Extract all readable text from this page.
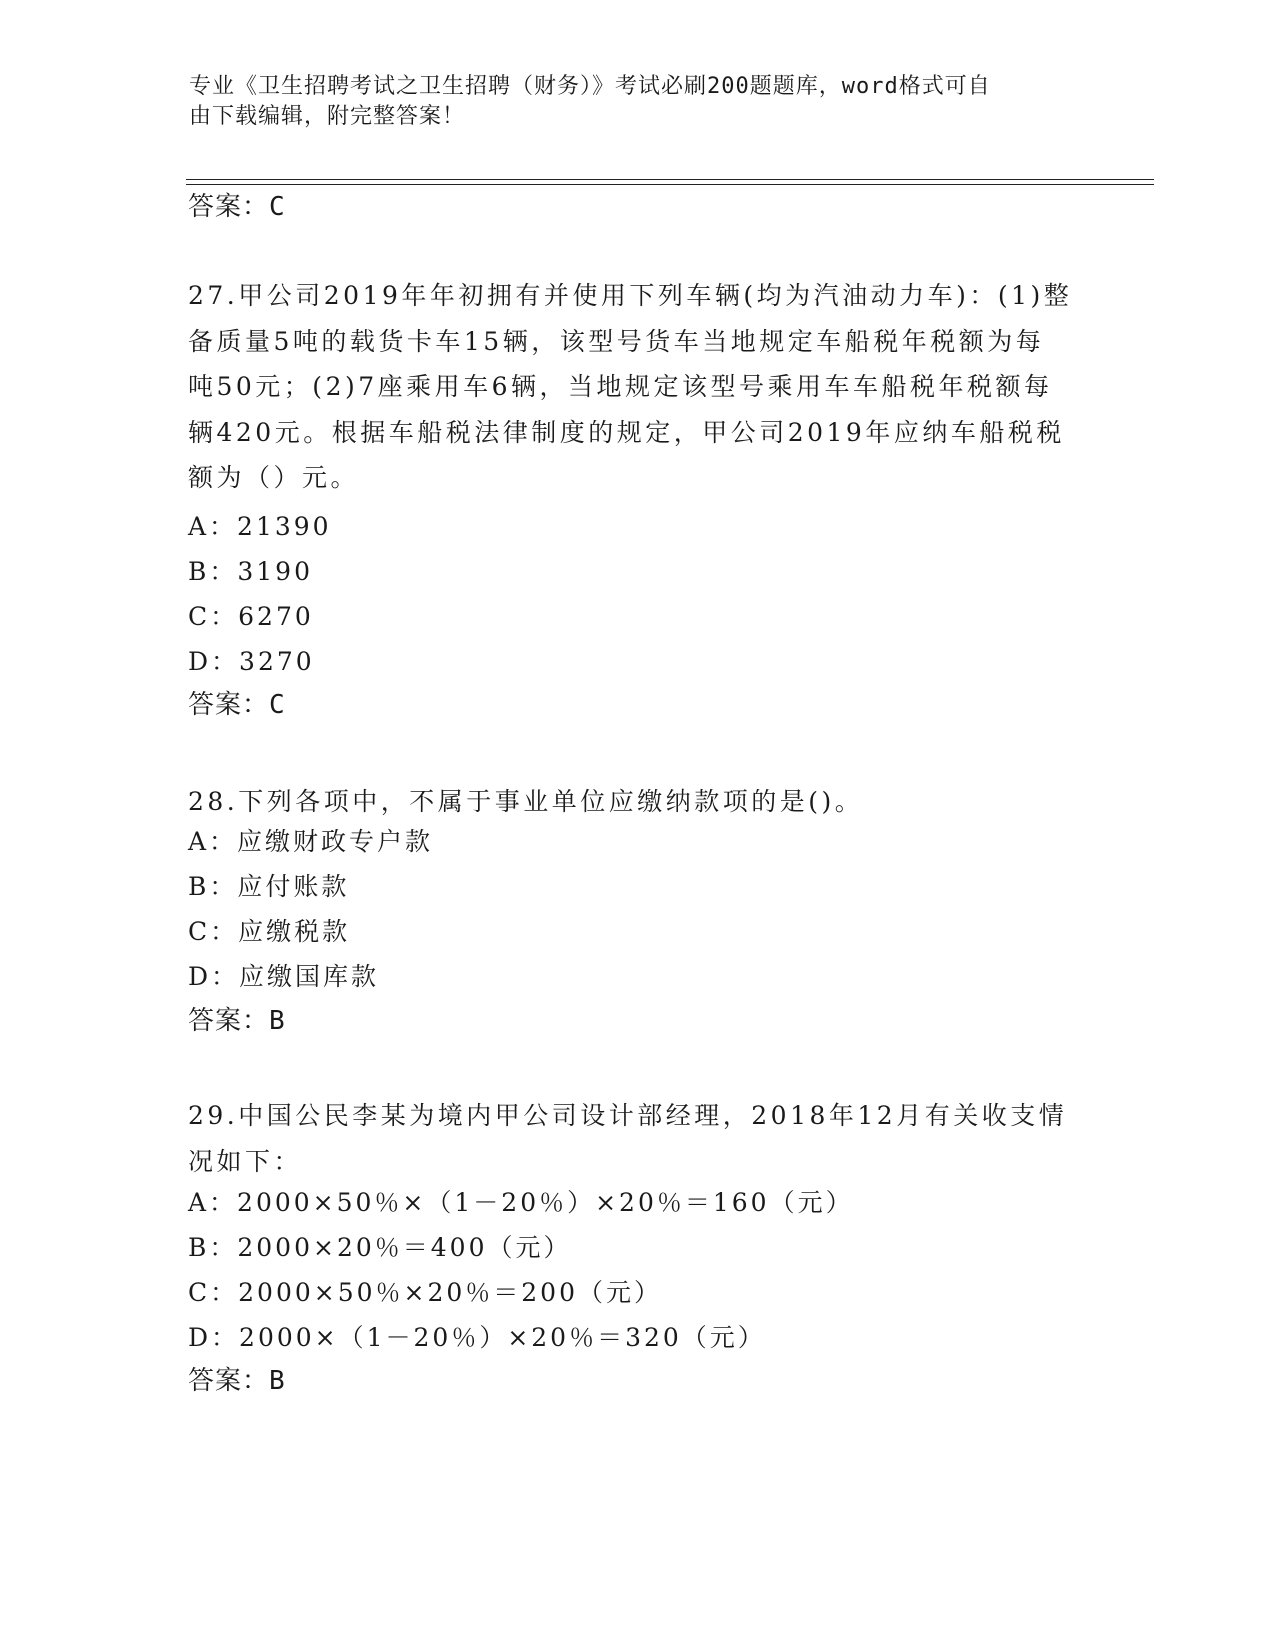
专业《卫生招聘考试之卫生招聘（财务）》考试必刷200题题库，word格式可自
由下载编辑，附完整答案！
答案：C
27.甲公司2019年年初拥有并使用下列车辆(均为汽油动力车)：(1)整
备质量5吨的载货卡车15辆，该型号货车当地规定车船税年税额为每
吨50元；(2)7座乘用车6辆，当地规定该型号乘用车车船税年税额每
辆420元。根据车船税法律制度的规定，甲公司2019年应纳车船税税
额为（）元。
A：21390
B：3190
C：6270
D：3270
答案：C
28.下列各项中，不属于事业单位应缴纳款项的是()。
A：应缴财政专户款
B：应付账款
C：应缴税款
D：应缴国库款
答案：B
29.中国公民李某为境内甲公司设计部经理，2018年12月有关收支情
况如下：
A：2000×50％×（1－20％）×20％＝160（元）
B：2000×20％＝400（元）
C：2000×50％×20％＝200（元）
D：2000×（1－20％）×20％＝320（元）
答案：B
